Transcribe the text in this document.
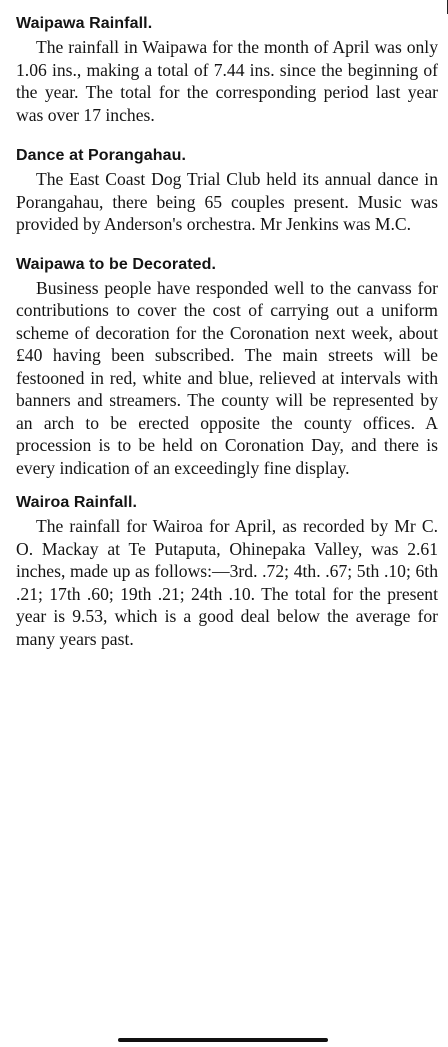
Waipawa Rainfall.

The rainfall in Waipawa for the month of April was only 1.06 ins., making a total of 7.44 ins. since the beginning of the year. The total for the corresponding period last year was over 17 inches.

Dance at Porangahau.

The East Coast Dog Trial Club held its annual dance in Porangahau, there being 65 couples present. Music was provided by Anderson's orchestra. Mr Jenkins was M.C.

Waipawa to be Decorated.

Business people have responded well to the canvass for contributions to cover the cost of carrying out a uniform scheme of decoration for the Coronation next week, about £40 having been subscribed. The main streets will be festooned in red, white and blue, relieved at intervals with banners and streamers. The county will be represented by an arch to be erected opposite the county offices. A procession is to be held on Coronation Day, and there is every indication of an exceedingly fine display.

Wairoa Rainfall.

The rainfall for Wairoa for April, as recorded by Mr C. O. Mackay at Te Putaputa, Ohinepaka Valley, was 2.61 inches, made up as follows:—3rd. .72; 4th. .67; 5th .10; 6th .21; 17th .60; 19th .21; 24th .10. The total for the present year is 9.53, which is a good deal below the average for many years past.
